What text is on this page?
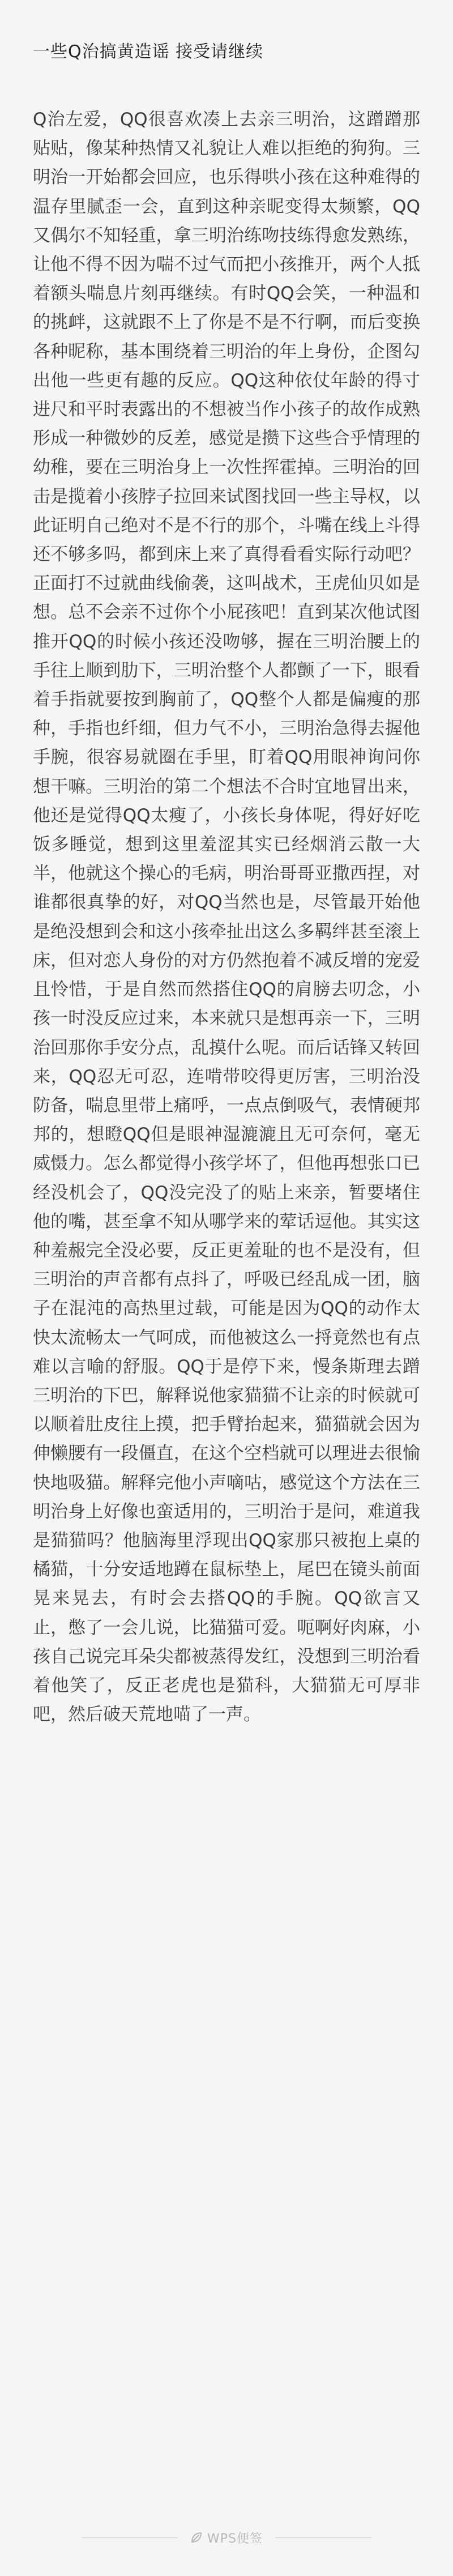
一些Q治搞黄造谣 接受请继续

Q治左爱，QQ很喜欢凑上去亲三明治，这蹭蹭那贴贴，像某种热情又礼貌让人难以拒绝的狗狗。三明治一开始都会回应，也乐得哄小孩在这种难得的温存里腻歪一会，直到这种亲昵变得太频繁，QQ又偶尔不知轻重，拿三明治练吻技练得愈发熟练，让他不得不因为喘不过气而把小孩推开，两个人抵着额头喘息片刻再继续。有时QQ会笑，一种温和的挑衅，这就跟不上了你是不是不行啊，而后变换各种昵称，基本围绕着三明治的年上身份，企图勾出他一些更有趣的反应。QQ这种依仗年龄的得寸进尺和平时表露出的不想被当作小孩子的故作成熟形成一种微妙的反差，感觉是攒下这些合乎情理的幼稚，要在三明治身上一次性挥霍掉。三明治的回击是揽着小孩脖子拉回来试图找回一些主导权，以此证明自己绝对不是不行的那个，斗嘴在线上斗得还不够多吗，都到床上来了真得看看实际行动吧？正面打不过就曲线偷袭，这叫战术，王虎仙贝如是想。总不会亲不过你个小屁孩吧！直到某次他试图推开QQ的时候小孩还没吻够，握在三明治腰上的手往上顺到肋下，三明治整个人都颤了一下，眼看着手指就要按到胸前了，QQ整个人都是偏瘦的那种，手指也纤细，但力气不小，三明治急得去握他手腕，很容易就圈在手里，盯着QQ用眼神询问你想干嘛。三明治的第二个想法不合时宜地冒出来，他还是觉得QQ太瘦了，小孩长身体呢，得好好吃饭多睡觉，想到这里羞涩其实已经烟消云散一大半，他就这个操心的毛病，明治哥哥亚撒西捏，对谁都很真挚的好，对QQ当然也是，尽管最开始他是绝没想到会和这小孩牵扯出这么多羁绊甚至滚上床，但对恋人身份的对方仍然抱着不减反增的宠爱且怜惜，于是自然而然搭住QQ的肩膀去叨念，小孩一时没反应过来，本来就只是想再亲一下，三明治回那你手安分点，乱摸什么呢。而后话锋又转回来，QQ忍无可忍，连啃带咬得更厉害，三明治没防备，喘息里带上痛呼，一点点倒吸气，表情硬邦邦的，想瞪QQ但是眼神湿漉漉且无可奈何，毫无威慑力。怎么都觉得小孩学坏了，但他再想张口已经没机会了，QQ没完没了的贴上来亲，暂要堵住他的嘴，甚至拿不知从哪学来的荤话逗他。其实这种羞赧完全没必要，反正更羞耻的也不是没有，但三明治的声音都有点抖了，呼吸已经乱成一团，脑子在混沌的高热里过载，可能是因为QQ的动作太快太流畅太一气呵成，而他被这么一捋竟然也有点难以言喻的舒服。QQ于是停下来，慢条斯理去蹭三明治的下巴，解释说他家猫猫不让亲的时候就可以顺着肚皮往上摸，把手臂抬起来，猫猫就会因为伸懒腰有一段僵直，在这个空档就可以理进去很愉快地吸猫。解释完他小声嘀咕，感觉这个方法在三明治身上好像也蛮适用的，三明治于是问，难道我是猫猫吗？他脑海里浮现出QQ家那只被抱上桌的橘猫，十分安适地蹲在鼠标垫上，尾巴在镜头前面晃来晃去，有时会去搭QQ的手腕。QQ欲言又止，憋了一会儿说，比猫猫可爱。呃啊好肉麻，小孩自己说完耳朵尖都被蒸得发红，没想到三明治看着他笑了，反正老虎也是猫科，大猫猫无可厚非吧，然后破天荒地喵了一声。

WPS便签
